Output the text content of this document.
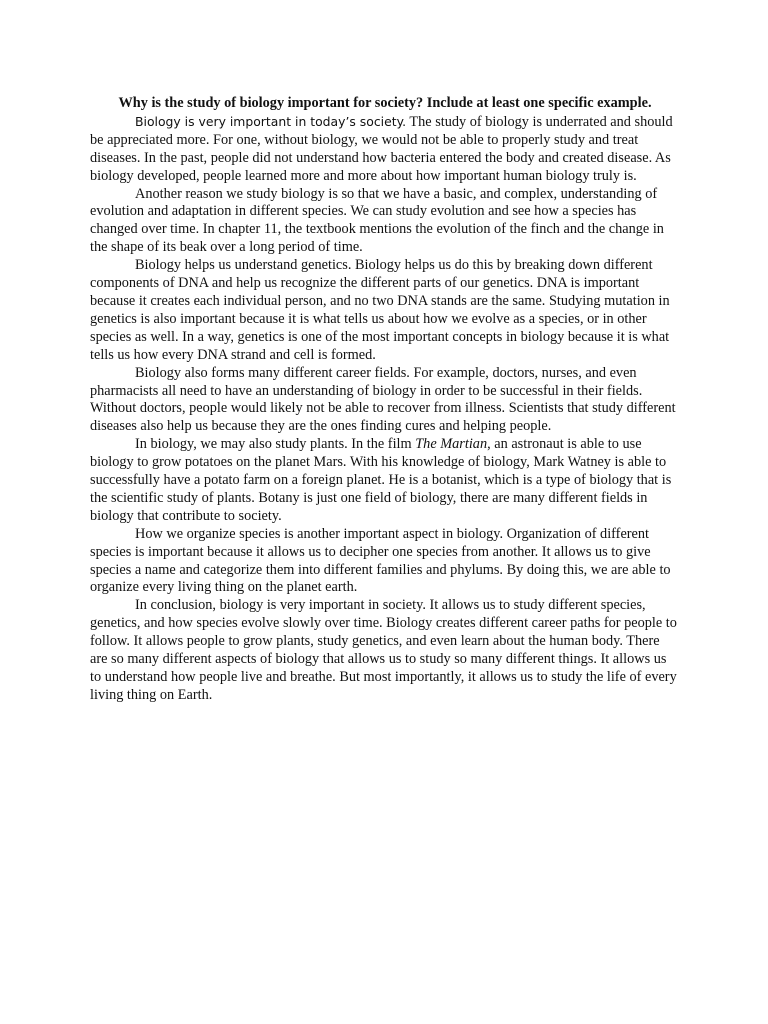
Why is the study of biology important for society? Include at least one specific example.

Biology is very important in today’s society. The study of biology is underrated and should be appreciated more. For one, without biology, we would not be able to properly study and treat diseases. In the past, people did not understand how bacteria entered the body and created disease. As biology developed, people learned more and more about how important human biology truly is.

Another reason we study biology is so that we have a basic, and complex, understanding of evolution and adaptation in different species. We can study evolution and see how a species has changed over time. In chapter 11, the textbook mentions the evolution of the finch and the change in the shape of its beak over a long period of time.

Biology helps us understand genetics. Biology helps us do this by breaking down different components of DNA and help us recognize the different parts of our genetics. DNA is important because it creates each individual person, and no two DNA stands are the same. Studying mutation in genetics is also important because it is what tells us about how we evolve as a species, or in other species as well. In a way, genetics is one of the most important concepts in biology because it is what tells us how every DNA strand and cell is formed.

Biology also forms many different career fields. For example, doctors, nurses, and even pharmacists all need to have an understanding of biology in order to be successful in their fields. Without doctors, people would likely not be able to recover from illness. Scientists that study different diseases also help us because they are the ones finding cures and helping people.

In biology, we may also study plants. In the film The Martian, an astronaut is able to use biology to grow potatoes on the planet Mars. With his knowledge of biology, Mark Watney is able to successfully have a potato farm on a foreign planet. He is a botanist, which is a type of biology that is the scientific study of plants. Botany is just one field of biology, there are many different fields in biology that contribute to society.

How we organize species is another important aspect in biology. Organization of different species is important because it allows us to decipher one species from another. It allows us to give species a name and categorize them into different families and phylums. By doing this, we are able to organize every living thing on the planet earth.

In conclusion, biology is very important in society. It allows us to study different species, genetics, and how species evolve slowly over time. Biology creates different career paths for people to follow. It allows people to grow plants, study genetics, and even learn about the human body. There are so many different aspects of biology that allows us to study so many different things. It allows us to understand how people live and breathe. But most importantly, it allows us to study the life of every living thing on Earth.
